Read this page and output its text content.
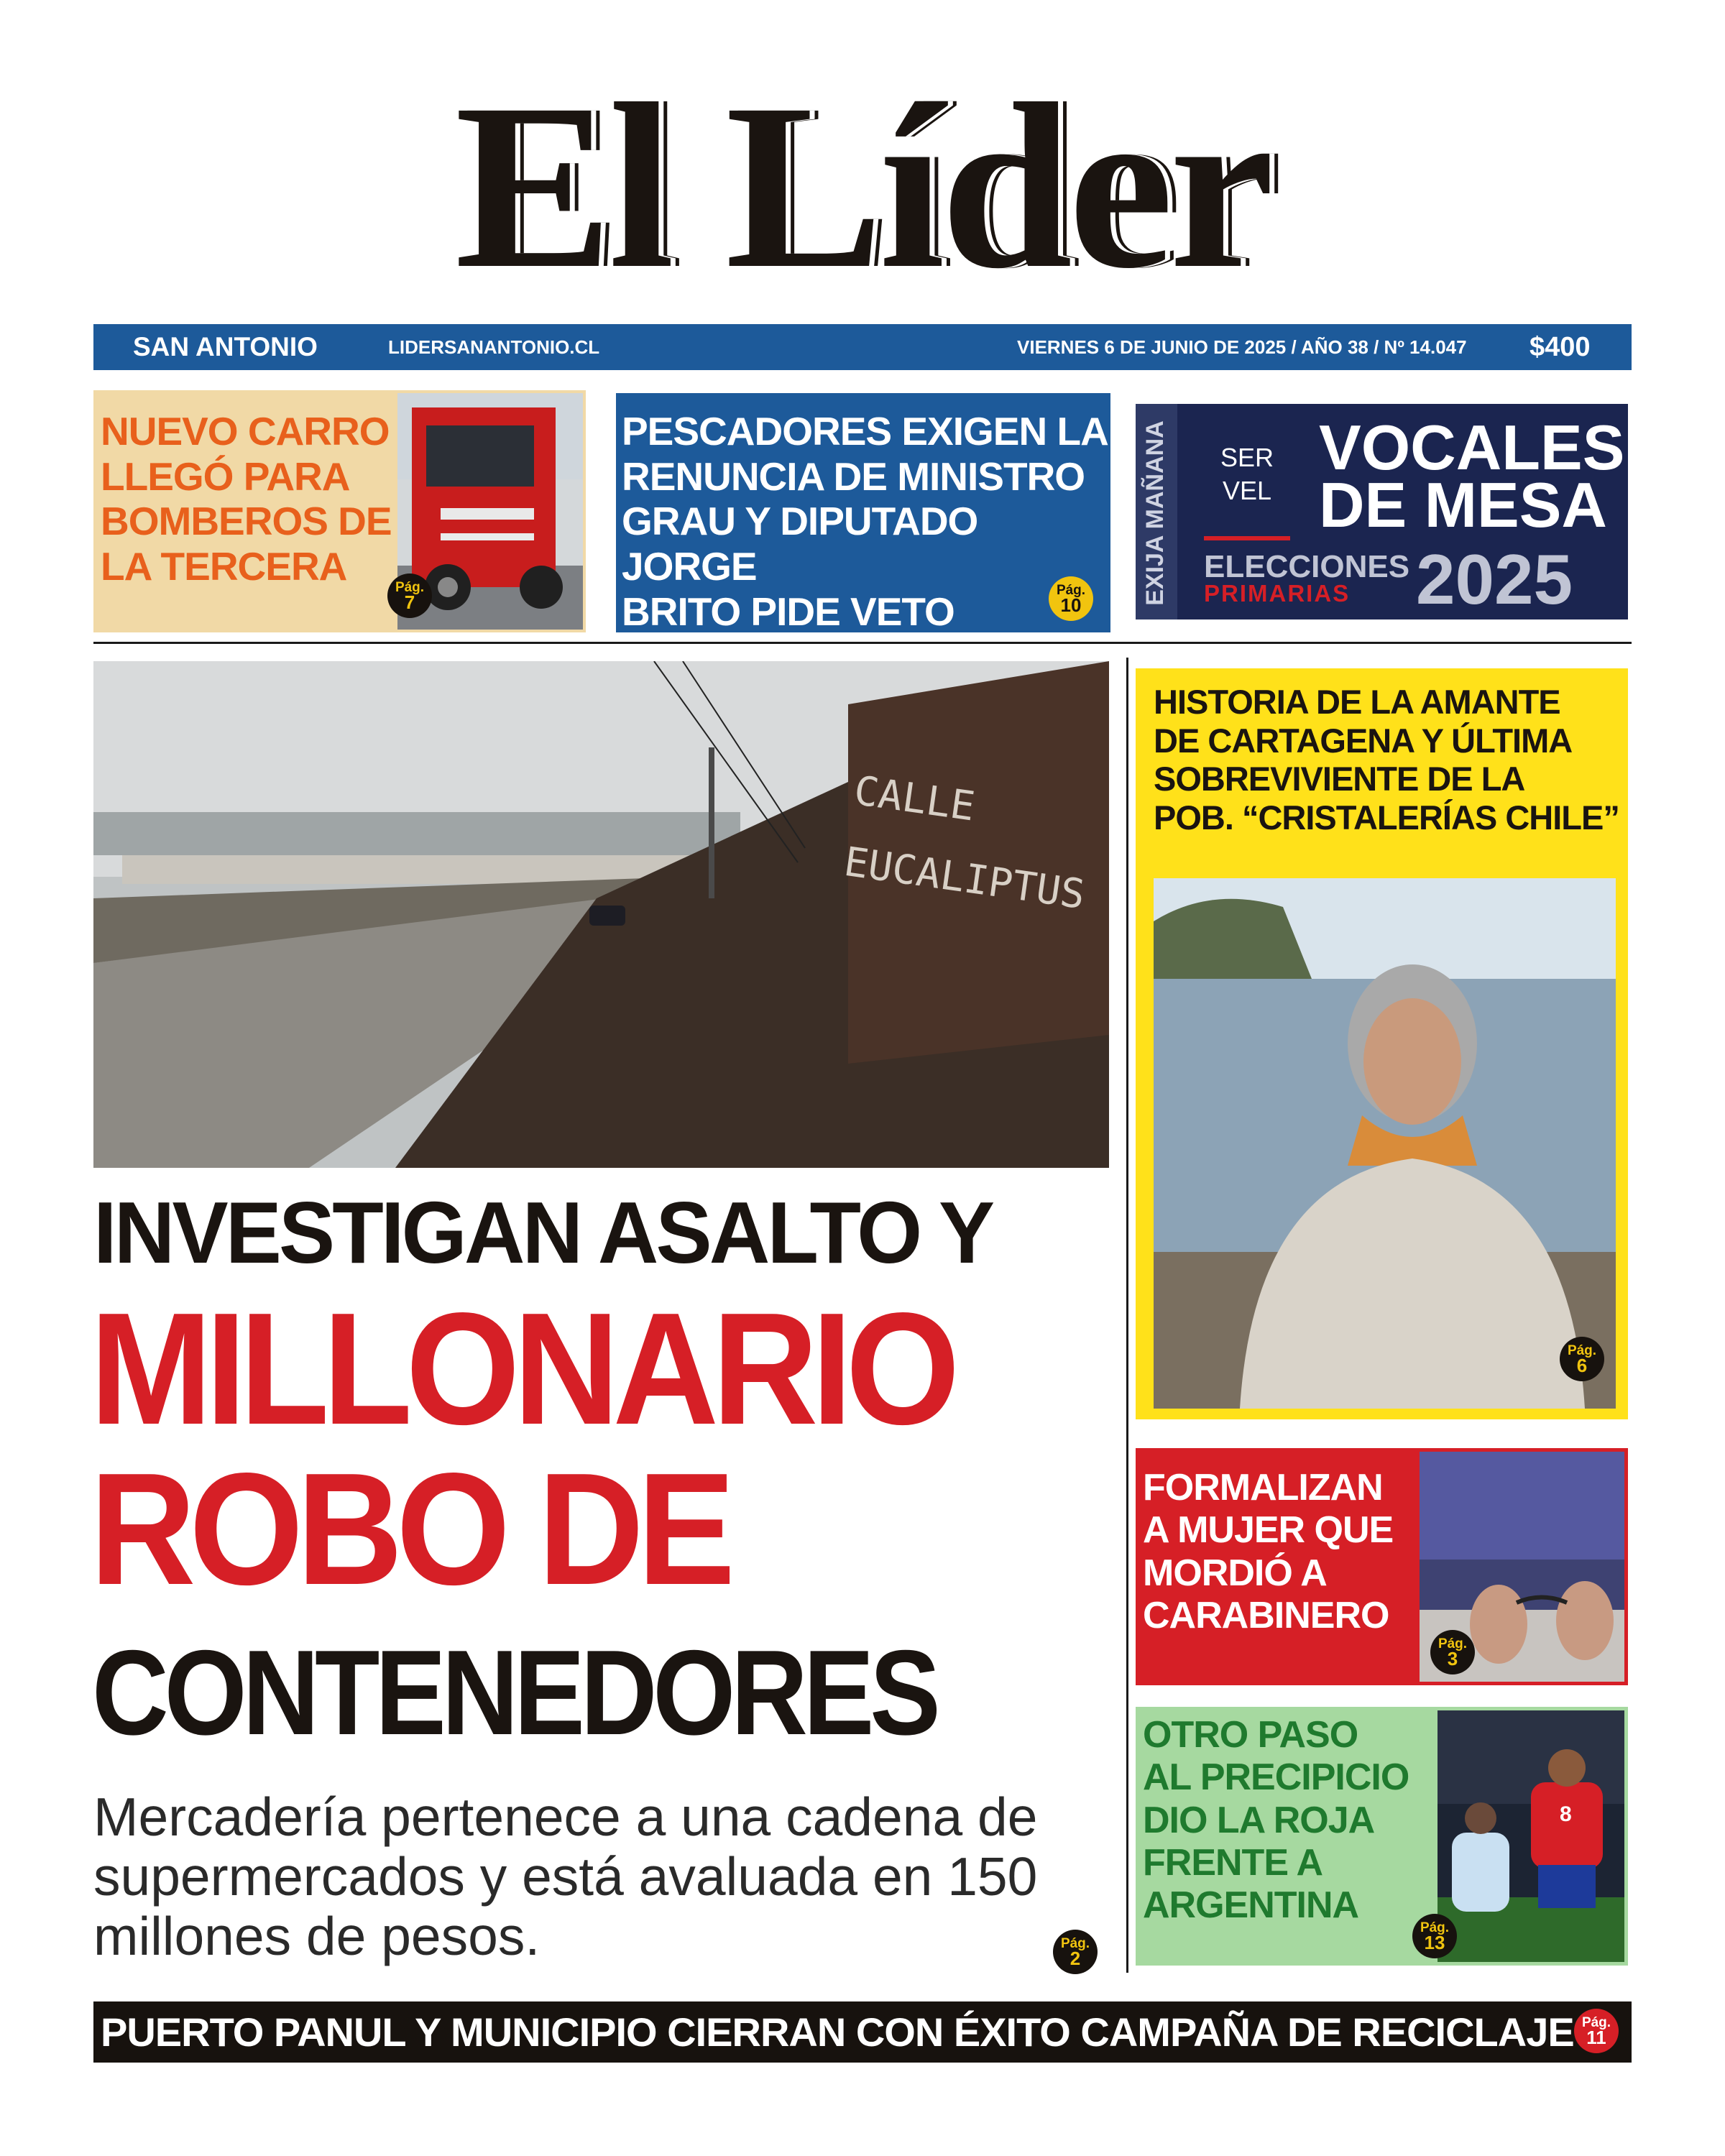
El Líder
SAN ANTONIO	LIDERSANANTONIO.CL	VIERNES 6 DE JUNIO DE 2025 / AÑO 38 / Nº 14.047 $400
NUEVO CARRO
LLEGÓ PARA
BOMBEROS DE
LA TERCERA	Pág.
7
PESCADORES EXIGEN LA
RENUNCIA DE MINISTRO
GRAU Y DIPUTADO JORGE
BRITO PIDE VETO	Pág.
10	EXIJA MAÑANA	SER
VEL
VOCALES
DE MESA
ELECCIONES
PRIMARIAS 2025
CALLE
EUCALIPTUS
INVESTIGAN ASALTO Y
MILLONARIO
ROBO DE
CONTENEDORES
Mercadería pertenece a una cadena de supermercados y está avaluada en 150 millones de pesos.	Pág.
2
HISTORIA DE LA AMANTE
DE CARTAGENA Y ÚLTIMA
SOBREVIVIENTE DE LA
POB. “CRISTALERÍAS CHILE”
Pág.
6
FORMALIZAN
A MUJER QUE
MORDIÓ A
CARABINERO
Pág.
3
OTRO PASO
AL PRECIPICIO
DIO LA ROJA
FRENTE A
ARGENTINA
8
Pág.
13
PUERTO PANUL Y MUNICIPIO CIERRAN CON ÉXITO CAMPAÑA DE RECICLAJE Pág.
11
